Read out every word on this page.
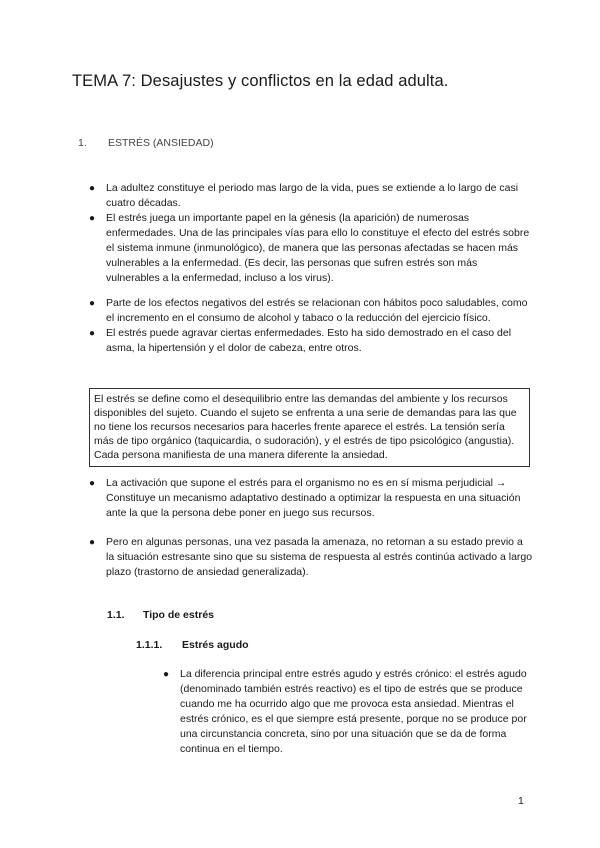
TEMA 7: Desajustes y conflictos en la edad adulta.
1. ESTRÉS (ANSIEDAD)
● La adultez constituye el periodo mas largo de la vida, pues se extiende a lo largo de casi cuatro décadas.
● El estrés juega un importante papel en la génesis (la aparición) de numerosas enfermedades. Una de las principales vías para ello lo constituye el efecto del estrés sobre el sistema inmune (inmunológico), de manera que las personas afectadas se hacen más vulnerables a la enfermedad. (Es decir, las personas que sufren estrés son más vulnerables a la enfermedad, incluso a los virus).
● Parte de los efectos negativos del estrés se relacionan con hábitos poco saludables, como el incremento en el consumo de alcohol y tabaco o la reducción del ejercicio físico.
● El estrés puede agravar ciertas enfermedades. Esto ha sido demostrado en el caso del asma, la hipertensión y el dolor de cabeza, entre otros.
El estrés se define como el desequilibrio entre las demandas del ambiente y los recursos disponibles del sujeto. Cuando el sujeto se enfrenta a una serie de demandas para las que no tiene los recursos necesarios para hacerles frente aparece el estrés. La tensión sería más de tipo orgánico (taquicardia, o sudoración), y el estrés de tipo psicológico (angustia). Cada persona manifiesta de una manera diferente la ansiedad.
● La activación que supone el estrés para el organismo no es en sí misma perjudicial → Constituye un mecanismo adaptativo destinado a optimizar la respuesta en una situación ante la que la persona debe poner en juego sus recursos.
● Pero en algunas personas, una vez pasada la amenaza, no retornan a su estado previo a la situación estresante sino que su sistema de respuesta al estrés continúa activado a largo plazo (trastorno de ansiedad generalizada).
1.1. Tipo de estrés
1.1.1. Estrés agudo
● La diferencia principal entre estrés agudo y estrés crónico: el estrés agudo (denominado también estrés reactivo) es el tipo de estrés que se produce cuando me ha ocurrido algo que me provoca esta ansiedad. Mientras el estrés crónico, es el que siempre está presente, porque no se produce por una circunstancia concreta, sino por una situación que se da de forma continua en el tiempo.
1
